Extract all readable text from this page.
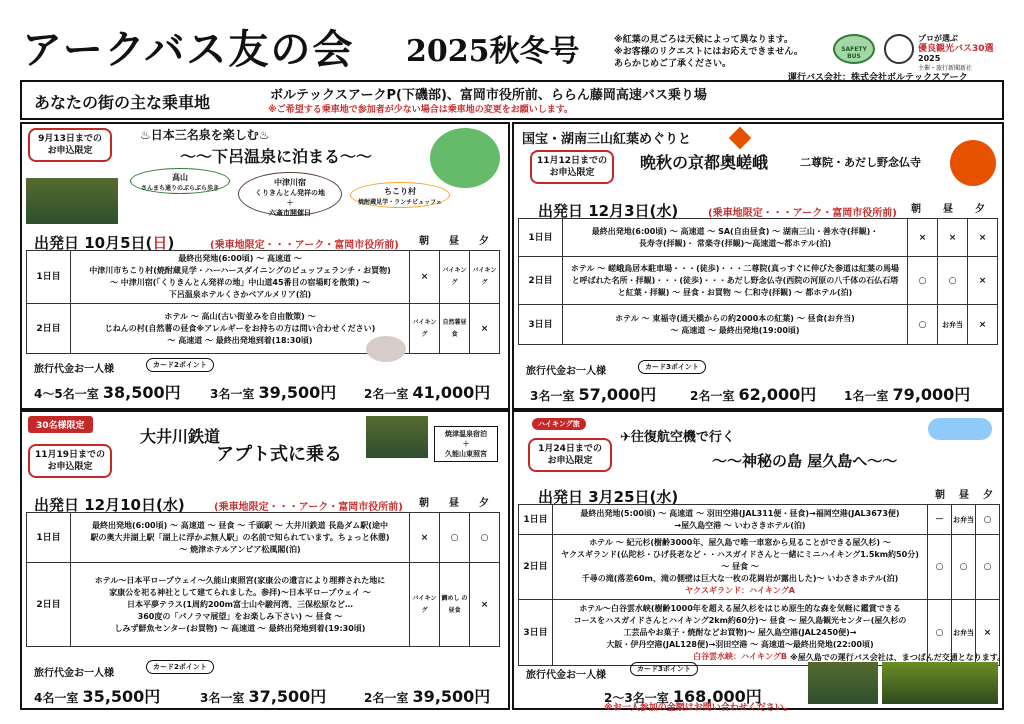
アークバス友の会 2025秋冬号	※紅葉の見ごろは天候によって異なります。
※お客様のリクエストにはお応えできません。
あらかじめご了承ください。
SAFETY BUS
プロが選ぶ
優良観光バス30選
2025
主催・旅行新聞新社
運行バス会社：株式会社ボルテックスアーク
あなたの街の主な乗車地	ボルテックスアークP(下磯部)、富岡市役所前、ららん藤岡高速バス乗り場
※ご希望する乗車地で参加者が少ない場合は乗車地の変更をお願いします。
9月13日までの
お申込限定
♨日本三名泉を楽しむ♨
～～下呂温泉に泊まる～～
高山
さんまち通りのぶらぶら歩き
中津川宿
くりきんとん発祥の地
＋
六斎市開催日
ちこり村
焼酎蔵見学・ランチビュッフェ
出発日 10月5日(日)	(乗車地限定・・・アーク・富岡市役所前)	朝	昼	夕
1日目	最終出発地(6:00頃) ～ 高速道 ～
中津川市ちこり村(焼酎蔵見学・ハーハースダイニングのビュッフェランチ・お買物)
～ 中津川宿(「くりきんとん発祥の地」中山道45番目の宿場町を散策) ～
下呂温泉ホテルくさかベアルメリア(泊)	×	バイキング	バイキング
2日目	ホテル ～ 高山(古い街並みを自由散策) ～
じねんの村(自然薯の昼食※アレルギーをお持ちの方は問い合わせください)
～ 高速道 ～ 最終出発地到着(18:30頃)	バイキング	自然薯昼食	×
旅行代金お一人様	カード2ポイント
4～5名一室 38,500円 3名一室 39,500円 2名一室 41,000円
国宝・湖南三山紅葉めぐりと
11月12日までの
お申込限定
晩秋の京都奥嵯峨	二尊院・あだし野念仏寺
出発日 12月3日(水)	(乗車地限定・・・アーク・富岡市役所前)	朝	昼	夕
1日目	最終出発地(6:00頃) ～ 高速道 ～ SA(自由昼食) ～ 湖南三山・善水寺(拝観)・
長寿寺(拝観)・ 常楽寺(拝観)～高速道～都ホテル(泊)	×	×	×
2日目	ホテル ～ 嵯峨鳥居本駐車場・・・(徒歩)・・・二尊院(真っすぐに伸びた参道は紅葉の馬場
と呼ばれた名所・拝観)・・・(徒歩)・・・あだし野念仏寺(西院の河原の八千体の石仏石塔
と紅葉・拝観) ～ 昼食・お買物 ～ 仁和寺(拝観) ～ 都ホテル(泊)	○	○	×
3日目	ホテル ～ 東福寺(通天橋からの約2000本の紅葉) ～ 昼食(お弁当)
～ 高速道 ～ 最終出発地(19:00頃)	○	お弁当	×
旅行代金お一人様	カード3ポイント
3名一室 57,000円	2名一室 62,000円 1名一室 79,000円
30名様限定
大井川鉄道
11月19日までの
お申込限定
アプト式に乗る
焼津温泉宿泊
＋
久能山東照宮
出発日 12月10日(水)	(乗車地限定・・・アーク・富岡市役所前)	朝	昼	夕
1日目	最終出発地(6:00頃) ～ 高速道 ～ 昼食 ～ 千頭駅 ～ 大井川鉄道 長島ダム駅(途中
駅の奥大井湖上駅「湖上に浮かぶ無人駅」の名前で知られています。ちょっと休憩)
～ 焼津ホテルアンビア松風閣(泊)	×	○	○
2日目	ホテル～日本平ロープウェイ～久能山東照宮(家康公の遺言により埋葬された地に
家康公を祀る神社として建てられました。参拝)～日本平ロープウェイ ～
日本平夢テラス(1周約200m富士山や駿河湾、三保松原など…
360度の「パノラマ展望」をお楽しみ下さい) ～ 昼食 ～
しみず鮮魚センター(お買物) ～ 高速道 ～ 最終出発地到着(19:30頃)	バイキング	鯛めし の昼食	×
旅行代金お一人様
カード2ポイント
4名一室 35,500円	3名一室 37,500円	2名一室 39,500円
ハイキング旅
✈往復航空機で行く
1月24日までの
お申込限定	～～神秘の島 屋久島へ～～
出発日 3月25日(水)	朝	昼	夕
1日目	最終出発地(5:00頃) ～ 高速道 ～ 羽田空港(JAL311便・昼食)→福岡空港(JAL3673便)
→屋久島空港 ～ いわさきホテル(泊)	－	お弁当	○
2日目	ホテル ～ 紀元杉(樹齢3000年、屋久島で唯一車窓から見ることができる屋久杉) ～
ヤクスギランド(仏陀杉・ひげ長老など・・ハスガイドさんと一緒にミニハイキング1.5km約50分) ～ 昼食 ～
千尋の滝(落差60m、滝の側壁は巨大な一枚の花崗岩が露出した)～ いわさきホテル(泊)
ヤクスギランド：ハイキングA	○	○	○
3日目	ホテル～白谷雲水峡(樹齢1000年を超える屋久杉をはじめ原生的な森を気軽に鑑賞できる
コースをハスガイドさんとハイキング2km約60分)～ 昼食 ～ 屋久島観光センター(屋久杉の
工芸品やお菓子・焼酎などお買物)～ 屋久島空港(JAL2450便)→
大阪・伊丹空港(JAL128便)→羽田空港 ～ 高速道～最終出発地(22:00頃)
白谷雲水峡：ハイキングB	○	お弁当	×
※屋久島での運行バス会社は、まつばんだ交通となります。
旅行代金お一人様
カード3ポイント
2～3名一室 168,000円
※お一人参加の金額はお問い合わせください。
